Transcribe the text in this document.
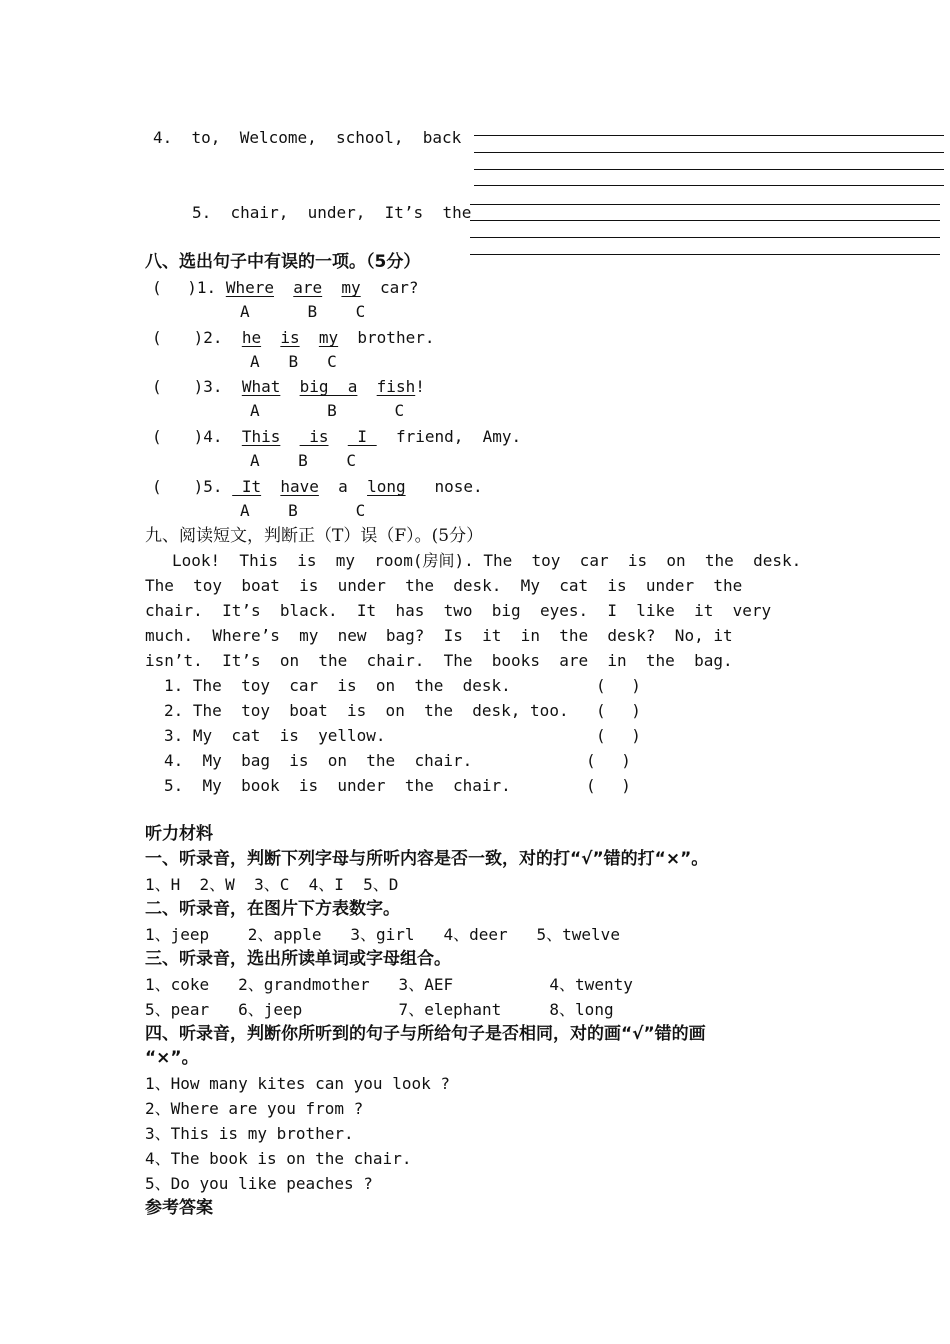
4. to, Welcome, school, back
5. chair, under, It’s the
八、选出句子中有误的一项。（5分）
(　 )1. Where are my car?
A	B C
(　　)2. he is my brother.
A B C
(　　)3. What big  a fish!
A	B	C
(　　)4. This   is   I   friend, Amy.
A B C
(　　)5.  It have a long nose.
A B	C
九、阅读短文，判断正（T）误（F）。(5分）
Look!  This  is  my  room(房间). The  toy  car  is  on  the  desk.
The  toy  boat  is  under  the  desk.  My  cat  is  under  the
chair.  It’s  black.  It  has  two  big  eyes.  I  like  it  very
much.  Where’s  my  new  bag?  Is  it  in  the  desk?  No, it
isn’t.  It’s  on  the  chair.  The  books  are  in  the  bag.
1. The  toy  car  is  on  the  desk.	(　 )
2. The  toy  boat  is  on  the  desk, too. (　 )
3. My  cat  is  yellow.	(　 )
4.  My  bag  is  on  the  chair.	(　 )
5.  My  book  is  under  the  chair.	(　 )
听力材料
一、听录音，判断下列字母与所听内容是否一致，对的打“√”错的打“×”。
1、H  2、W  3、C  4、I  5、D
二、听录音，在图片下方表数字。
1、jeep    2、apple   3、girl   4、deer   5、twelve
三、听录音，选出所读单词或字母组合。
1、coke   2、grandmother   3、AEF          4、twenty
5、pear   6、jeep          7、elephant     8、long
四、听录音，判断你所听到的句子与所给句子是否相同，对的画“√”错的画
“×”。
1、How many kites can you look ?
2、Where are you from ?
3、This is my brother.
4、The book is on the chair.
5、Do you like peaches ?
参考答案
